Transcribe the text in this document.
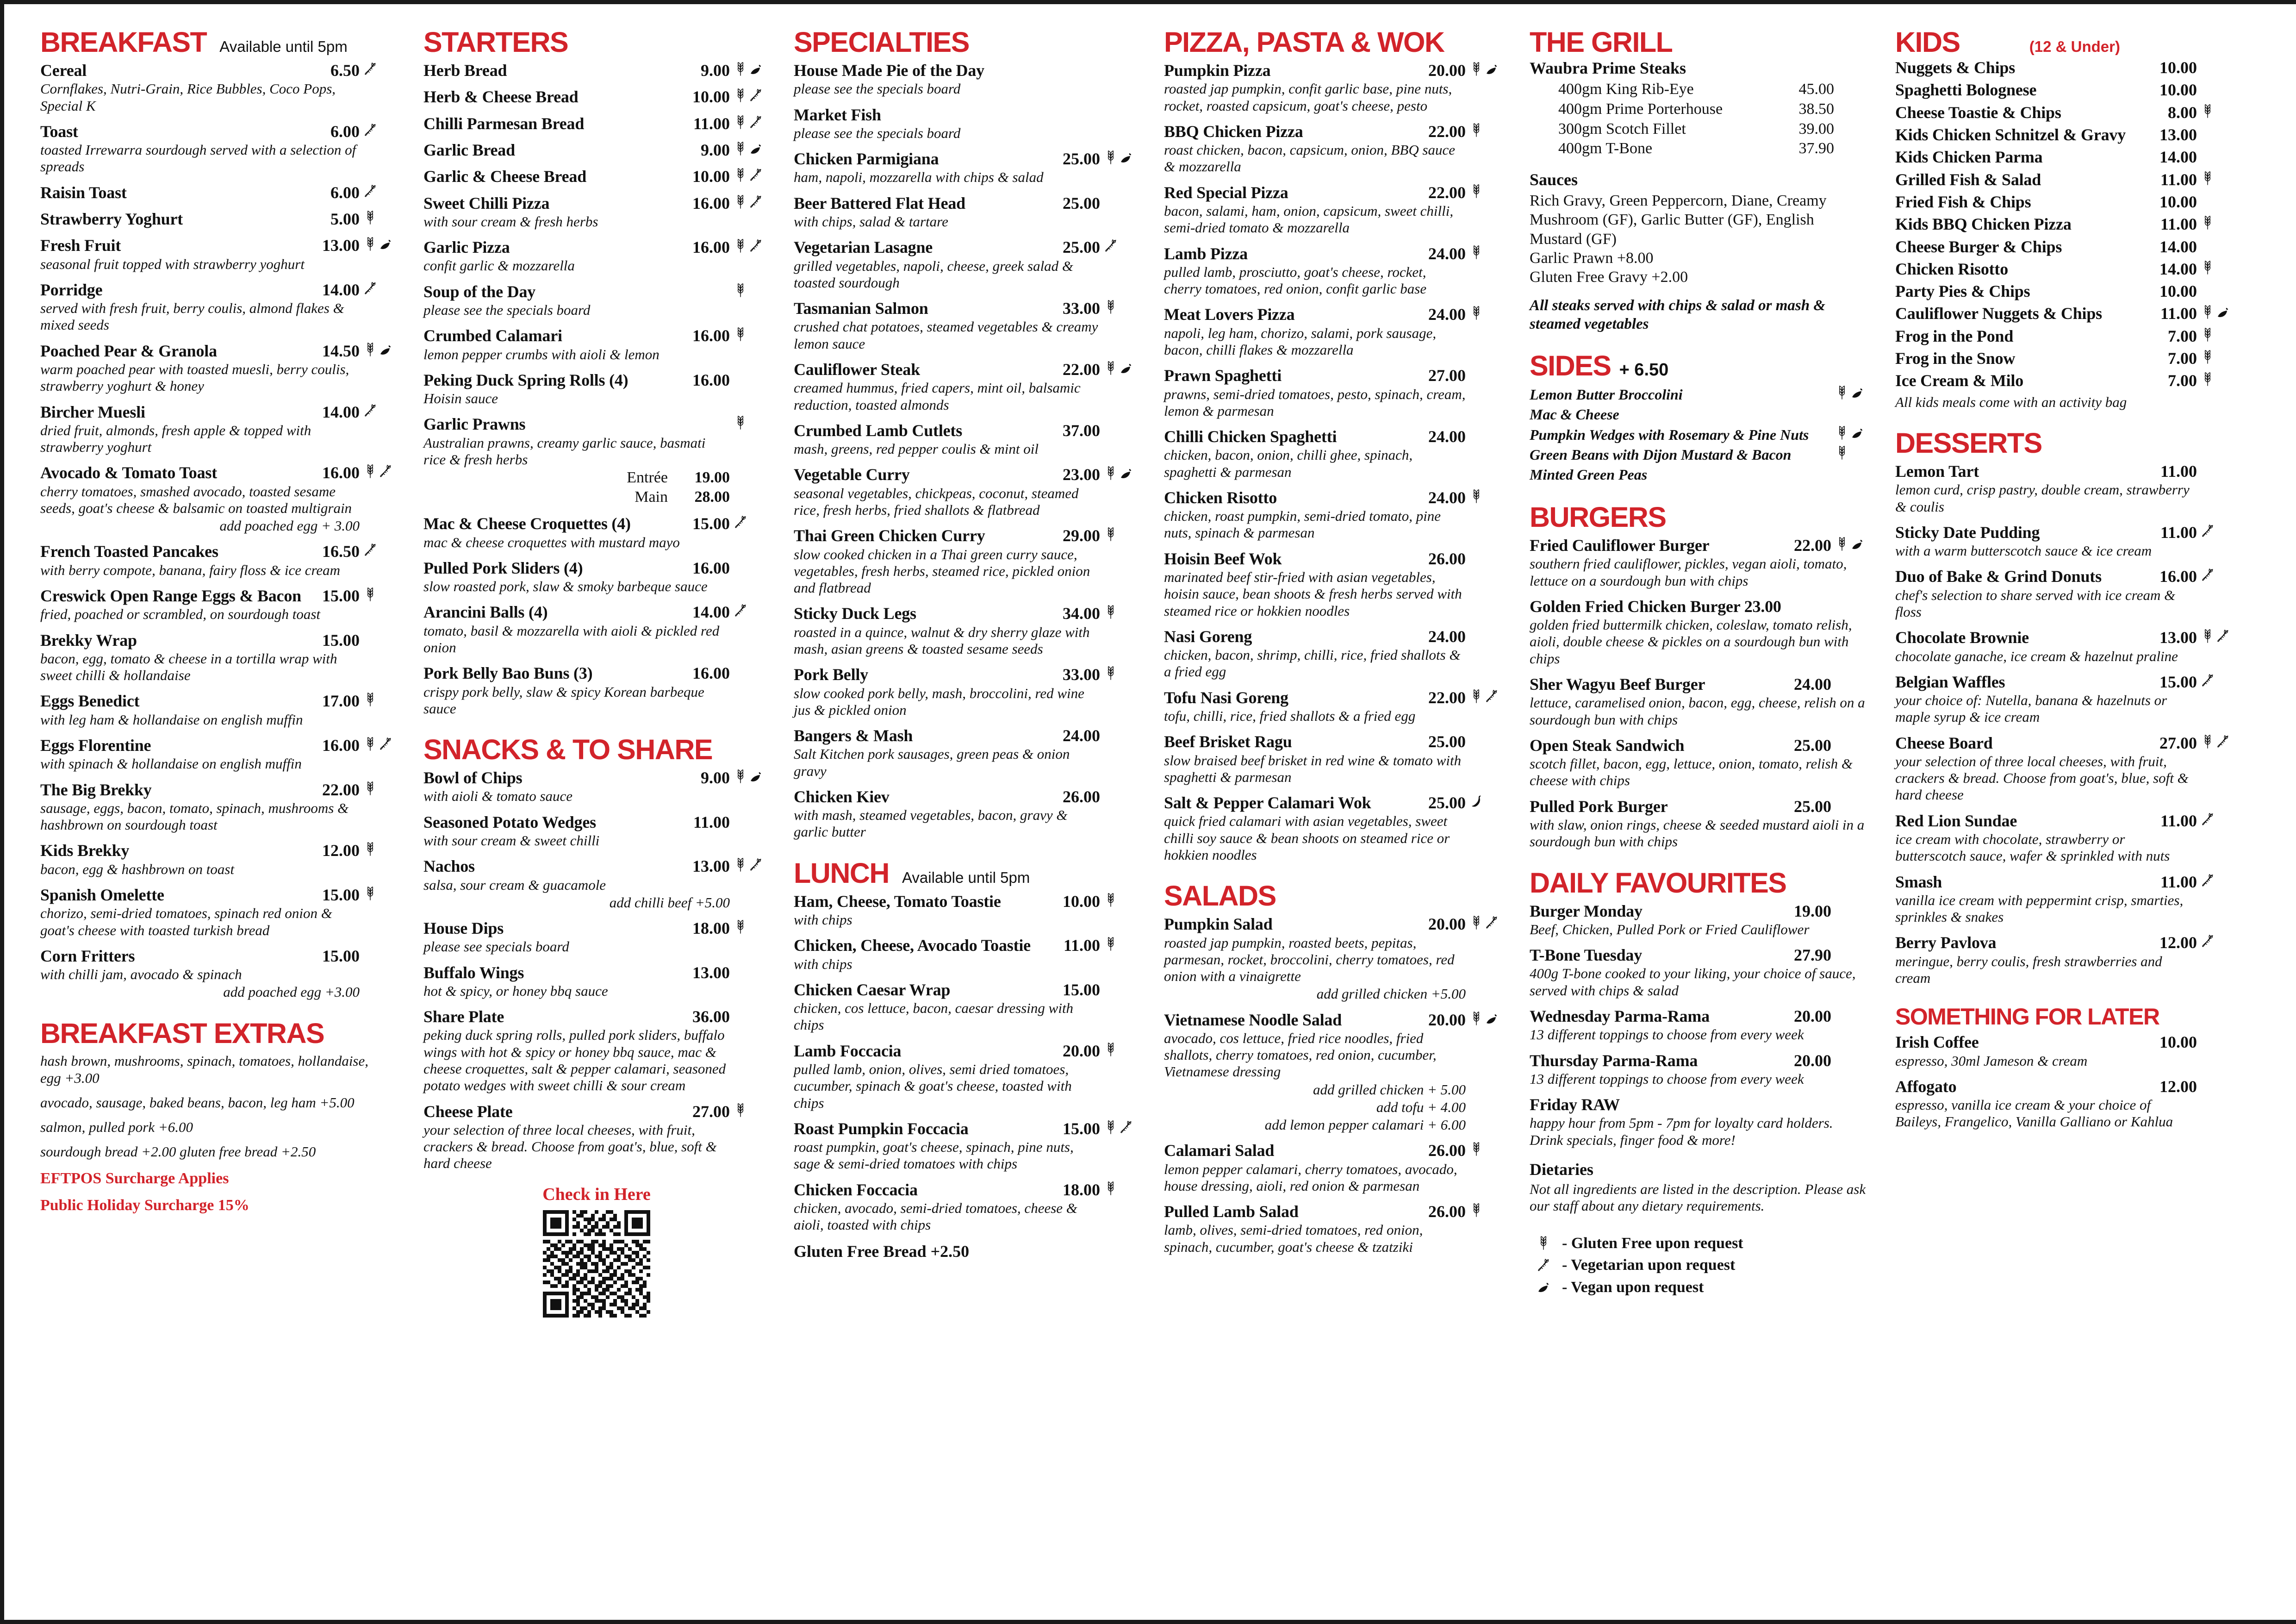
BREAKFAST Available until 5pm
Cereal	6.50
Cornflakes, Nutri-Grain, Rice Bubbles, Coco Pops, Special K
Toast	6.00
toasted Irrewarra sourdough served with a selection of spreads
Raisin Toast	6.00
Strawberry Yoghurt	5.00
Fresh Fruit	13.00
seasonal fruit topped with strawberry yoghurt
Porridge	14.00
served with fresh fruit, berry coulis, almond flakes & mixed seeds
Poached Pear & Granola	14.50
warm poached pear with toasted muesli, berry coulis, strawberry yoghurt & honey
Bircher Muesli	14.00
dried fruit, almonds, fresh apple & topped with strawberry yoghurt
Avocado & Tomato Toast	16.00
cherry tomatoes, smashed avocado, toasted sesame seeds, goat's cheese & balsamic on toasted multigrain
add poached egg + 3.00
French Toasted Pancakes	16.50
with berry compote, banana, fairy floss & ice cream
Creswick Open Range Eggs & Bacon	15.00
fried, poached or scrambled, on sourdough toast
Brekky Wrap	15.00
bacon, egg, tomato & cheese in a tortilla wrap with sweet chilli & hollandaise
Eggs Benedict	17.00
with leg ham & hollandaise on english muffin
Eggs Florentine	16.00
with spinach & hollandaise on english muffin
The Big Brekky	22.00
sausage, eggs, bacon, tomato, spinach, mushrooms & hashbrown on sourdough toast
Kids Brekky	12.00
bacon, egg & hashbrown on toast
Spanish Omelette	15.00
chorizo, semi-dried tomatoes, spinach red onion & goat's cheese with toasted turkish bread
Corn Fritters	15.00
with chilli jam, avocado & spinach
add poached egg +3.00
BREAKFAST EXTRAS
hash brown, mushrooms, spinach, tomatoes, hollandaise, egg +3.00
avocado, sausage, baked beans, bacon, leg ham +5.00
salmon, pulled pork +6.00
sourdough bread +2.00 gluten free bread +2.50
EFTPOS Surcharge Applies
Public Holiday Surcharge 15%
STARTERS
Herb Bread	9.00
Herb & Cheese Bread	10.00
Chilli Parmesan Bread	11.00
Garlic Bread	9.00
Garlic & Cheese Bread	10.00
Sweet Chilli Pizza	16.00
with sour cream & fresh herbs
Garlic Pizza	16.00
confit garlic & mozzarella
Soup of the Day
please see the specials board
Crumbed Calamari	16.00
lemon pepper crumbs with aioli & lemon
Peking Duck Spring Rolls (4)	16.00
Hoisin sauce
Garlic Prawns
Australian prawns, creamy garlic sauce, basmati rice & fresh herbs
Entrée	19.00
Main	28.00
Mac & Cheese Croquettes (4)	15.00
mac & cheese croquettes with mustard mayo
Pulled Pork Sliders (4)	16.00
slow roasted pork, slaw & smoky barbeque sauce
Arancini Balls (4)	14.00
tomato, basil & mozzarella with aioli & pickled red onion
Pork Belly Bao Buns (3)	16.00
crispy pork belly, slaw & spicy Korean barbeque sauce
SNACKS & TO SHARE
Bowl of Chips	9.00
with aioli & tomato sauce
Seasoned Potato Wedges	11.00
with sour cream & sweet chilli
Nachos	13.00
salsa, sour cream & guacamole
add chilli beef +5.00
House Dips	18.00
please see specials board
Buffalo Wings	13.00
hot & spicy, or honey bbq sauce
Share Plate	36.00
peking duck spring rolls, pulled pork sliders, buffalo wings with hot & spicy or honey bbq sauce, mac & cheese croquettes, salt & pepper calamari, seasoned potato wedges with sweet chilli & sour cream
Cheese Plate	27.00
your selection of three local cheeses, with fruit, crackers & bread. Choose from goat's, blue, soft & hard cheese
Check in Here
SPECIALTIES
House Made Pie of the Day
please see the specials board
Market Fish
please see the specials board
Chicken Parmigiana	25.00
ham, napoli, mozzarella with chips & salad
Beer Battered Flat Head	25.00
with chips, salad & tartare
Vegetarian Lasagne	25.00
grilled vegetables, napoli, cheese, greek salad & toasted sourdough
Tasmanian Salmon	33.00
crushed chat potatoes, steamed vegetables & creamy lemon sauce
Cauliflower Steak	22.00
creamed hummus, fried capers, mint oil, balsamic reduction, toasted almonds
Crumbed Lamb Cutlets	37.00
mash, greens, red pepper coulis & mint oil
Vegetable Curry	23.00
seasonal vegetables, chickpeas, coconut, steamed rice, fresh herbs, fried shallots & flatbread
Thai Green Chicken Curry	29.00
slow cooked chicken in a Thai green curry sauce, vegetables, fresh herbs, steamed rice, pickled onion and flatbread
Sticky Duck Legs	34.00
roasted in a quince, walnut & dry sherry glaze with mash, asian greens & toasted sesame seeds
Pork Belly	33.00
slow cooked pork belly, mash, broccolini, red wine jus & pickled onion
Bangers & Mash	24.00
Salt Kitchen pork sausages, green peas & onion gravy
Chicken Kiev	26.00
with mash, steamed vegetables, bacon, gravy & garlic butter
LUNCH Available until 5pm
Ham, Cheese, Tomato Toastie	10.00
with chips
Chicken, Cheese, Avocado Toastie	11.00
with chips
Chicken Caesar Wrap	15.00
chicken, cos lettuce, bacon, caesar dressing with chips
Lamb Foccacia	20.00
pulled lamb, onion, olives, semi dried tomatoes, cucumber, spinach & goat's cheese, toasted with chips
Roast Pumpkin Foccacia	15.00
roast pumpkin, goat's cheese, spinach, pine nuts, sage & semi-dried tomatoes with chips
Chicken Foccacia	18.00
chicken, avocado, semi-dried tomatoes, cheese & aioli, toasted with chips
Gluten Free Bread +2.50
PIZZA, PASTA & WOK
Pumpkin Pizza	20.00
roasted jap pumpkin, confit garlic base, pine nuts, rocket, roasted capsicum, goat's cheese, pesto
BBQ Chicken Pizza	22.00
roast chicken, bacon, capsicum, onion, BBQ sauce & mozzarella
Red Special Pizza	22.00
bacon, salami, ham, onion, capsicum, sweet chilli, semi-dried tomato & mozzarella
Lamb Pizza	24.00
pulled lamb, prosciutto, goat's cheese, rocket, cherry tomatoes, red onion, confit garlic base
Meat Lovers Pizza	24.00
napoli, leg ham, chorizo, salami, pork sausage, bacon, chilli flakes & mozzarella
Prawn Spaghetti	27.00
prawns, semi-dried tomatoes, pesto, spinach, cream, lemon & parmesan
Chilli Chicken Spaghetti	24.00
chicken, bacon, onion, chilli ghee, spinach, spaghetti & parmesan
Chicken Risotto	24.00
chicken, roast pumpkin, semi-dried tomato, pine nuts, spinach & parmesan
Hoisin Beef Wok	26.00
marinated beef stir-fried with asian vegetables, hoisin sauce, bean shoots & fresh herbs served with steamed rice or hokkien noodles
Nasi Goreng	24.00
chicken, bacon, shrimp, chilli, rice, fried shallots & a fried egg
Tofu Nasi Goreng	22.00
tofu, chilli, rice, fried shallots & a fried egg
Beef Brisket Ragu	25.00
slow braised beef brisket in red wine & tomato with spaghetti & parmesan
Salt & Pepper Calamari Wok	25.00
quick fried calamari with asian vegetables, sweet chilli soy sauce & bean shoots on steamed rice or hokkien noodles
SALADS
Pumpkin Salad	20.00
roasted jap pumpkin, roasted beets, pepitas, parmesan, rocket, broccolini, cherry tomatoes, red onion with a vinaigrette
add grilled chicken +5.00
Vietnamese Noodle Salad	20.00
avocado, cos lettuce, fried rice noodles, fried shallots, cherry tomatoes, red onion, cucumber, Vietnamese dressing
add grilled chicken + 5.00
add tofu + 4.00
add lemon pepper calamari + 6.00
Calamari Salad	26.00
lemon pepper calamari, cherry tomatoes, avocado, house dressing, aioli, red onion & parmesan
Pulled Lamb Salad	26.00
lamb, olives, semi-dried tomatoes, red onion, spinach, cucumber, goat's cheese & tzatziki
THE GRILL
Waubra Prime Steaks
400gm King Rib-Eye	45.00
400gm Prime Porterhouse	38.50
300gm Scotch Fillet	39.00
400gm T-Bone	37.90
Sauces
Rich Gravy, Green Peppercorn, Diane, Creamy Mushroom (GF), Garlic Butter (GF), English Mustard (GF)
Garlic Prawn +8.00
Gluten Free Gravy +2.00
All steaks served with chips & salad or mash & steamed vegetables
SIDES + 6.50
Lemon Butter Broccolini
Mac & Cheese
Pumpkin Wedges with Rosemary & Pine Nuts
Green Beans with Dijon Mustard & Bacon
Minted Green Peas
BURGERS
Fried Cauliflower Burger	22.00
southern fried cauliflower, pickles, vegan aioli, tomato, lettuce on a sourdough bun with chips
Golden Fried Chicken Burger 23.00
golden fried buttermilk chicken, coleslaw, tomato relish, aioli, double cheese & pickles on a sourdough bun with chips
Sher Wagyu Beef Burger	24.00
lettuce, caramelised onion, bacon, egg, cheese, relish on a sourdough bun with chips
Open Steak Sandwich	25.00
scotch fillet, bacon, egg, lettuce, onion, tomato, relish & cheese with chips
Pulled Pork Burger	25.00
with slaw, onion rings, cheese & seeded mustard aioli in a sourdough bun with chips
DAILY FAVOURITES
Burger Monday	19.00
Beef, Chicken, Pulled Pork or Fried Cauliflower
T-Bone Tuesday	27.90
400g T-bone cooked to your liking, your choice of sauce, served with chips & salad
Wednesday Parma-Rama	20.00
13 different toppings to choose from every week
Thursday Parma-Rama	20.00
13 different toppings to choose from every week
Friday RAW
happy hour from 5pm - 7pm for loyalty card holders. Drink specials, finger food & more!
Dietaries
Not all ingredients are listed in the description. Please ask our staff about any dietary requirements.
- Gluten Free upon request
- Vegetarian upon request
- Vegan upon request
KIDS	(12 & Under)
Nuggets & Chips	10.00
Spaghetti Bolognese	10.00
Cheese Toastie & Chips	8.00
Kids Chicken Schnitzel & Gravy	13.00
Kids Chicken Parma	14.00
Grilled Fish & Salad	11.00
Fried Fish & Chips	10.00
Kids BBQ Chicken Pizza	11.00
Cheese Burger & Chips	14.00
Chicken Risotto	14.00
Party Pies & Chips	10.00
Cauliflower Nuggets & Chips	11.00
Frog in the Pond	7.00
Frog in the Snow	7.00
Ice Cream & Milo	7.00
All kids meals come with an activity bag
DESSERTS
Lemon Tart	11.00
lemon curd, crisp pastry, double cream, strawberry & coulis
Sticky Date Pudding	11.00
with a warm butterscotch sauce & ice cream
Duo of Bake & Grind Donuts	16.00
chef's selection to share served with ice cream & floss
Chocolate Brownie	13.00
chocolate ganache, ice cream & hazelnut praline
Belgian Waffles	15.00
your choice of: Nutella, banana & hazelnuts or maple syrup & ice cream
Cheese Board	27.00
your selection of three local cheeses, with fruit, crackers & bread. Choose from goat's, blue, soft & hard cheese
Red Lion Sundae	11.00
ice cream with chocolate, strawberry or butterscotch sauce, wafer & sprinkled with nuts
Smash	11.00
vanilla ice cream with peppermint crisp, smarties, sprinkles & snakes
Berry Pavlova	12.00
meringue, berry coulis, fresh strawberries and cream
SOMETHING FOR LATER
Irish Coffee	10.00
espresso, 30ml Jameson & cream
Affogato	12.00
espresso, vanilla ice cream & your choice of Baileys, Frangelico, Vanilla Galliano or Kahlua
